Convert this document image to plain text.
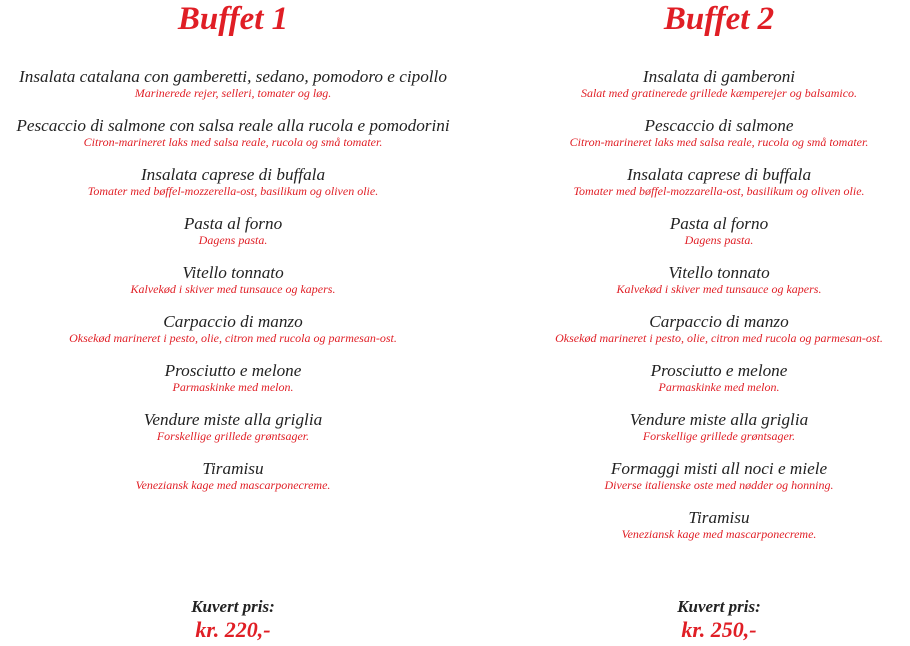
Buffet 1
Insalata catalana con gamberetti, sedano, pomodoro e cipollo
Marinerede rejer, selleri, tomater og løg.
Pescaccio di salmone con salsa reale alla rucola e pomodorini
Citron-marineret laks med salsa reale, rucola og små tomater.
Insalata caprese di buffala
Tomater med bøffel-mozzerella-ost, basilikum og oliven olie.
Pasta al forno
Dagens pasta.
Vitello tonnato
Kalvekød i skiver med tunsauce og kapers.
Carpaccio di manzo
Oksekød marineret i pesto, olie, citron med rucola og parmesan-ost.
Prosciutto e melone
Parmaskinke med melon.
Vendure miste alla griglia
Forskellige grillede grøntsager.
Tiramisu
Veneziansk kage med mascarponecreme.
Kuvert pris:
kr. 220,-
Buffet 2
Insalata di gamberoni
Salat med gratinerede grillede kæmperejer og balsamico.
Pescaccio di salmone
Citron-marineret laks med salsa reale, rucola og små tomater.
Insalata caprese di buffala
Tomater med bøffel-mozzarella-ost, basilikum og oliven olie.
Pasta al forno
Dagens pasta.
Vitello tonnato
Kalvekød i skiver med tunsauce og kapers.
Carpaccio di manzo
Oksekød marineret i pesto, olie, citron med rucola og parmesan-ost.
Prosciutto e melone
Parmaskinke med melon.
Vendure miste alla griglia
Forskellige grillede grøntsager.
Formaggi misti all noci e miele
Diverse italienske oste med nødder og honning.
Tiramisu
Veneziansk kage med mascarponecreme.
Kuvert pris:
kr. 250,-
